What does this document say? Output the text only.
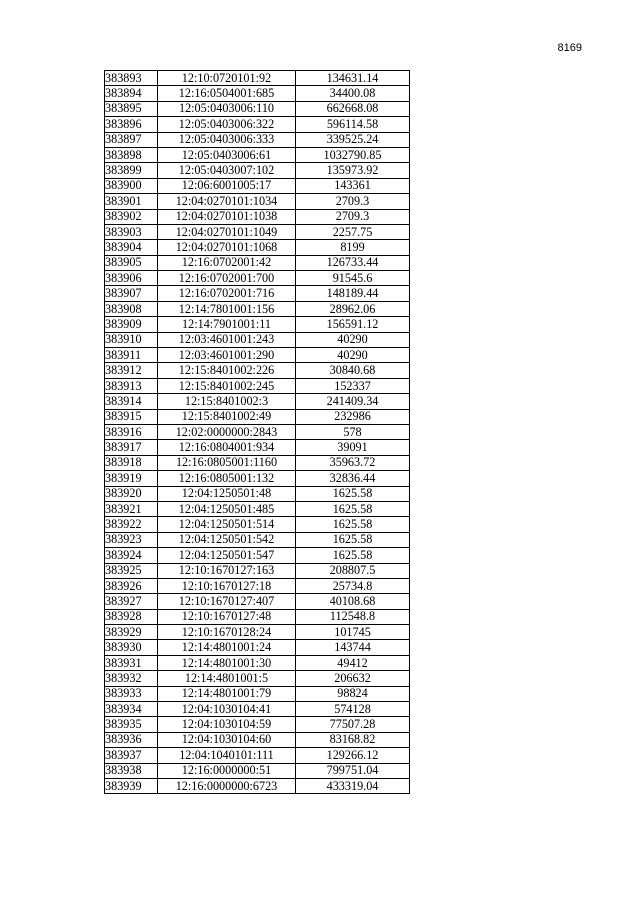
8169
383893	12:10:0720101:92	134631.14
383894	12:16:0504001:685	34400.08
383895	12:05:0403006:110	662668.08
383896	12:05:0403006:322	596114.58
383897	12:05:0403006:333	339525.24
383898	12:05:0403006:61	1032790.85
383899	12:05:0403007:102	135973.92
383900	12:06:6001005:17	143361
383901	12:04:0270101:1034	2709.3
383902	12:04:0270101:1038	2709.3
383903	12:04:0270101:1049	2257.75
383904	12:04:0270101:1068	8199
383905	12:16:0702001:42	126733.44
383906	12:16:0702001:700	91545.6
383907	12:16:0702001:716	148189.44
383908	12:14:7801001:156	28962.06
383909	12:14:7901001:11	156591.12
383910	12:03:4601001:243	40290
383911	12:03:4601001:290	40290
383912	12:15:8401002:226	30840.68
383913	12:15:8401002:245	152337
383914	12:15:8401002:3	241409.34
383915	12:15:8401002:49	232986
383916	12:02:0000000:2843	578
383917	12:16:0804001:934	39091
383918	12:16:0805001:1160	35963.72
383919	12:16:0805001:132	32836.44
383920	12:04:1250501:48	1625.58
383921	12:04:1250501:485	1625.58
383922	12:04:1250501:514	1625.58
383923	12:04:1250501:542	1625.58
383924	12:04:1250501:547	1625.58
383925	12:10:1670127:163	208807.5
383926	12:10:1670127:18	25734.8
383927	12:10:1670127:407	40108.68
383928	12:10:1670127:48	112548.8
383929	12:10:1670128:24	101745
383930	12:14:4801001:24	143744
383931	12:14:4801001:30	49412
383932	12:14:4801001:5	206632
383933	12:14:4801001:79	98824
383934	12:04:1030104:41	574128
383935	12:04:1030104:59	77507.28
383936	12:04:1030104:60	83168.82
383937	12:04:1040101:111	129266.12
383938	12:16:0000000:51	799751.04
383939	12:16:0000000:6723	433319.04
